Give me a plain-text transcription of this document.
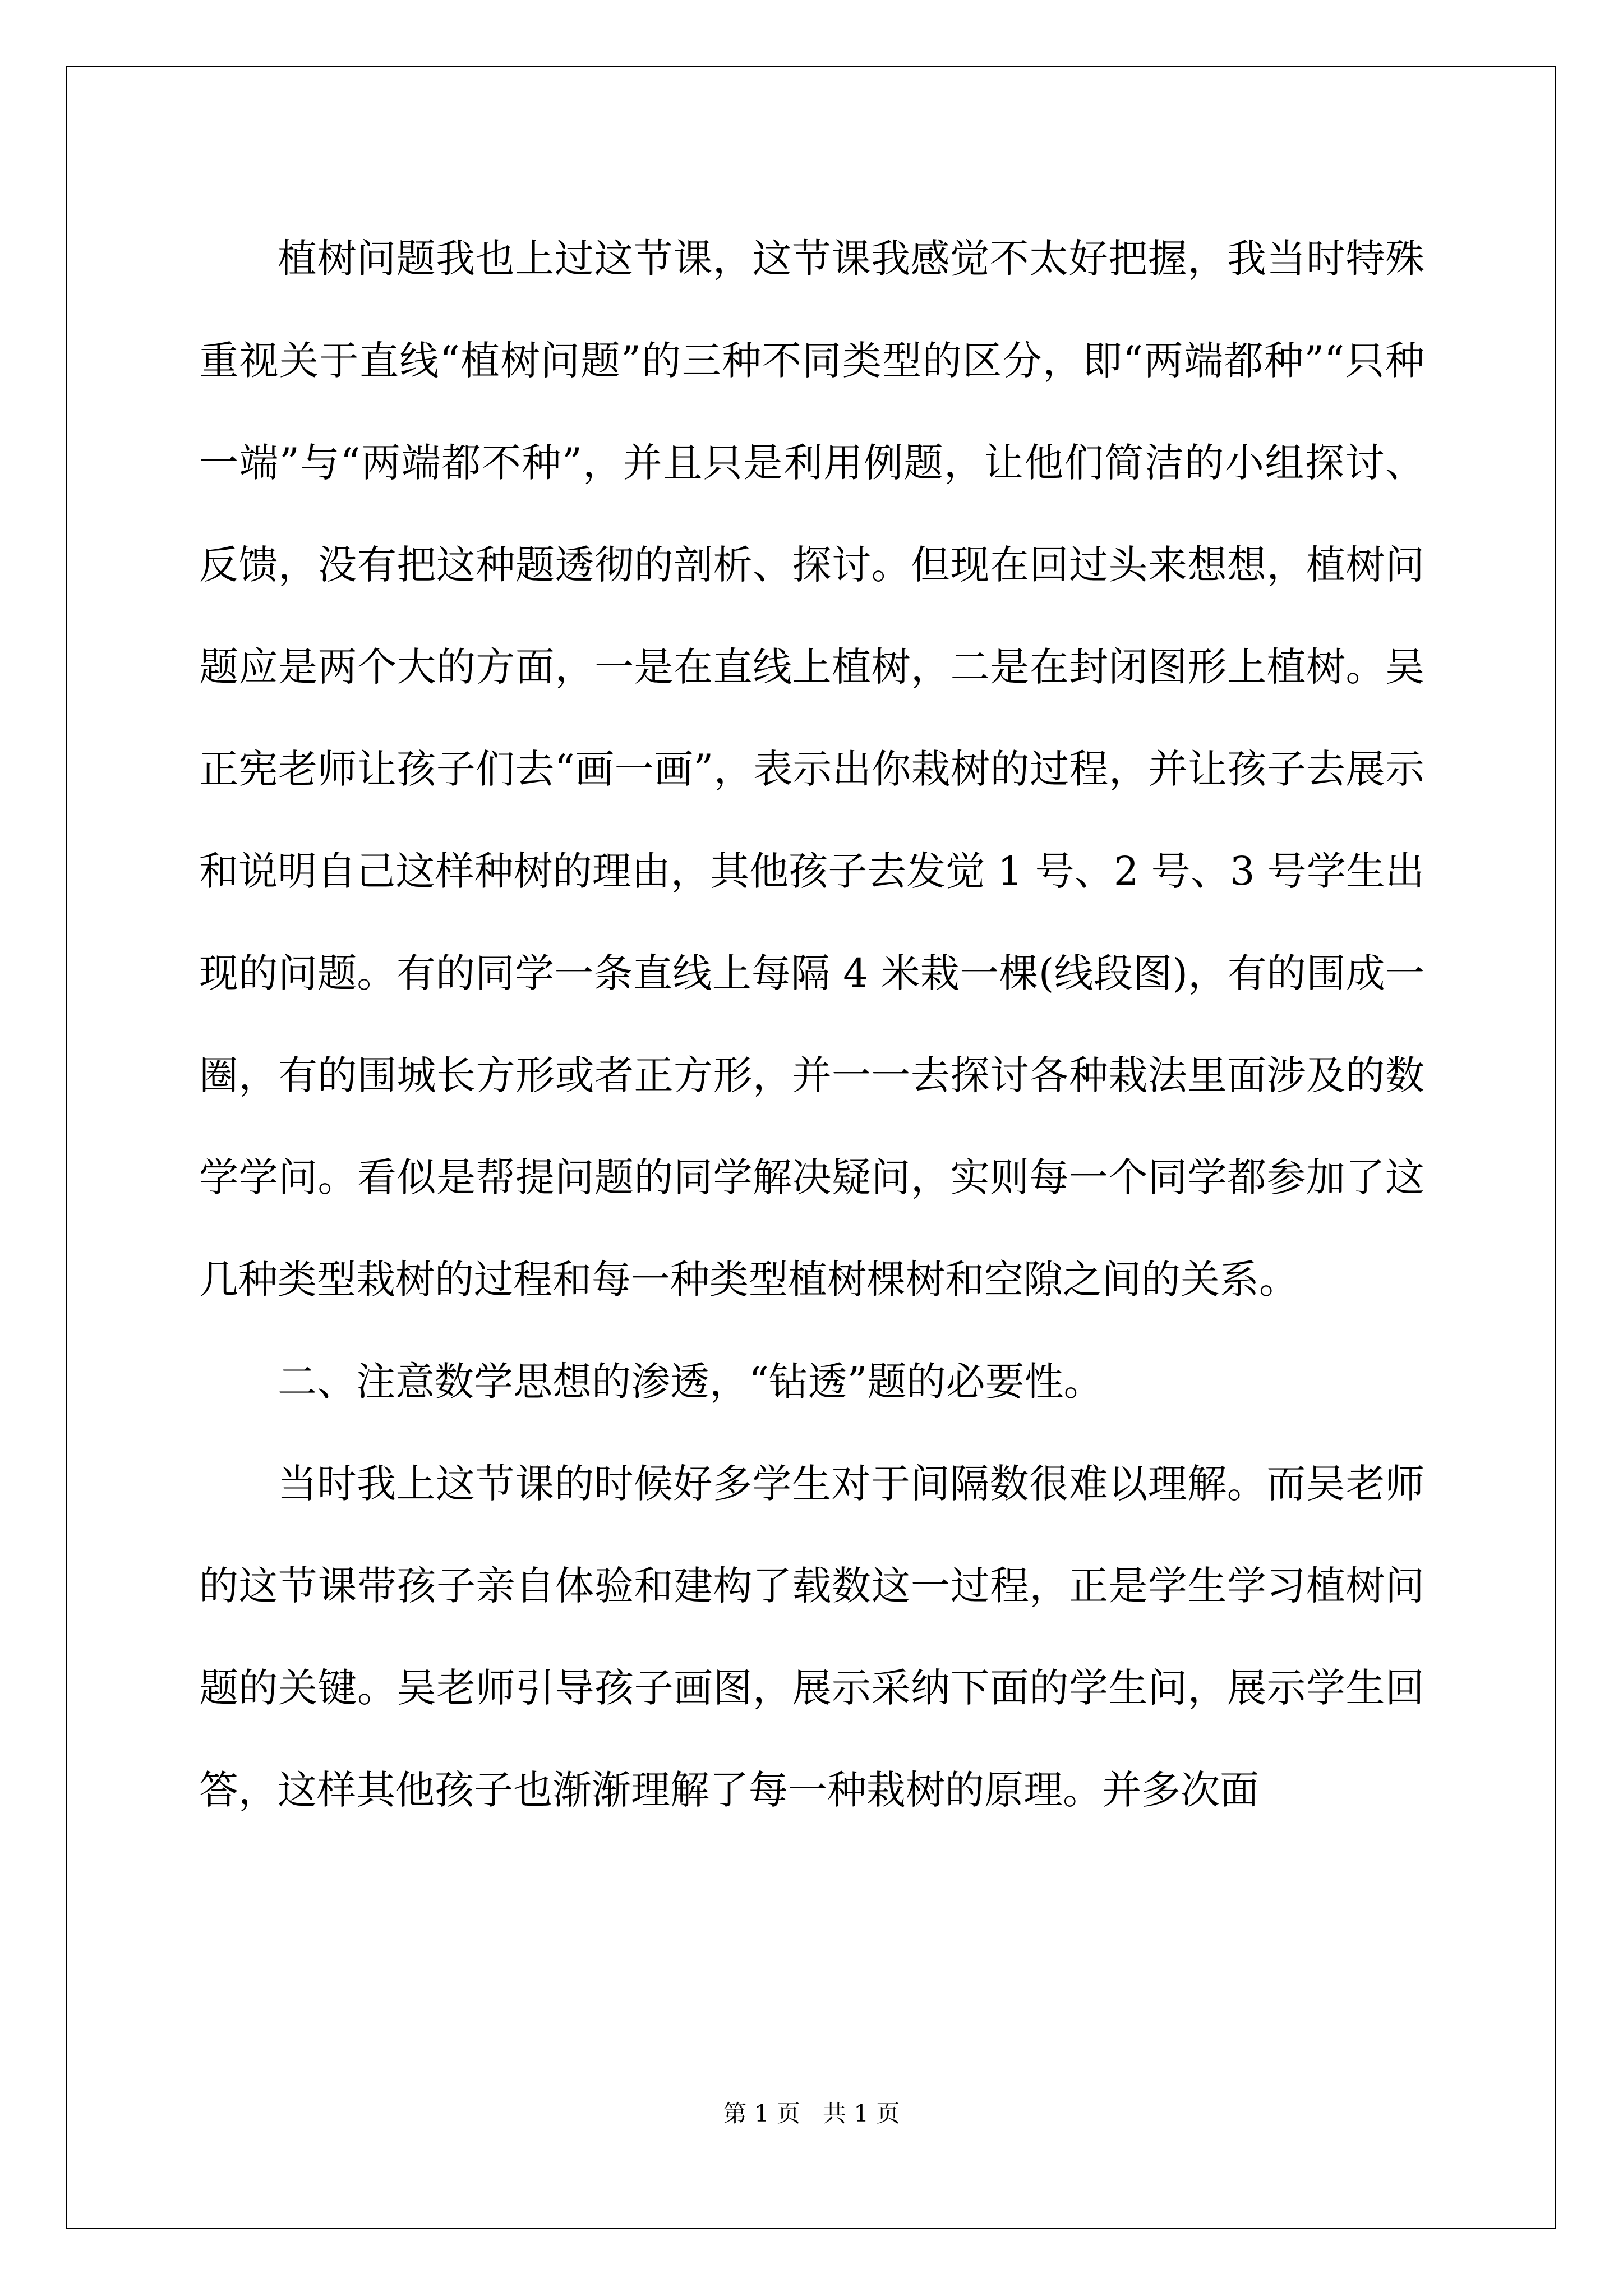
植树问题我也上过这节课，这节课我感觉不太好把握，我当时特殊重视关于直线“植树问题”的三种不同类型的区分，即“两端都种”“只种一端”与“两端都不种”，并且只是利用例题，让他们简洁的小组探讨、反馈，没有把这种题透彻的剖析、探讨。但现在回过头来想想，植树问题应是两个大的方面，一是在直线上植树，二是在封闭图形上植树。吴正宪老师让孩子们去“画一画”，表示出你栽树的过程，并让孩子去展示和说明自己这样种树的理由，其他孩子去发觉 1 号、2 号、3 号学生出现的问题。有的同学一条直线上每隔 4 米栽一棵(线段图)，有的围成一圈，有的围城长方形或者正方形，并一一去探讨各种栽法里面涉及的数学学问。看似是帮提问题的同学解决疑问，实则每一个同学都参加了这几种类型栽树的过程和每一种类型植树棵树和空隙之间的关系。

二、注意数学思想的渗透，“钻透”题的必要性。

当时我上这节课的时候好多学生对于间隔数很难以理解。而吴老师的这节课带孩子亲自体验和建构了载数这一过程，正是学生学习植树问题的关键。吴老师引导孩子画图，展示采纳下面的学生问，展示学生回答，这样其他孩子也渐渐理解了每一种栽树的原理。并多次面

第 1 页   共 1 页
